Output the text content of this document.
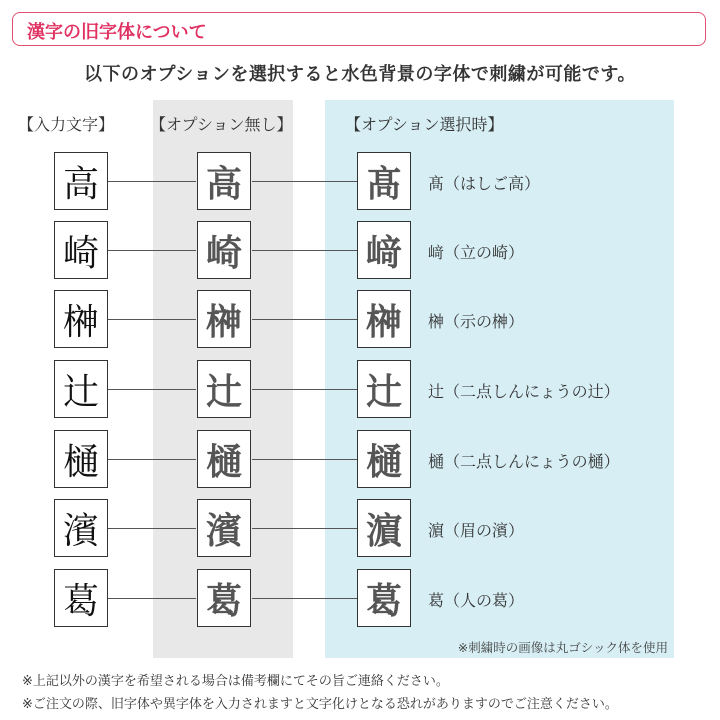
漢字の旧字体について
以下のオプションを選択すると水色背景の字体で刺繍が可能です。
【入力文字】 【オプション無し】	【オプション選択時】
高	高	髙	髙（はしご高）
崎	崎	﨑	﨑（立の崎）
榊	榊	榊	榊（示の榊）
辻	辻	辻	辻（二点しんにょうの辻）
樋	樋	樋	樋（二点しんにょうの樋）
濱	濱	濵	濵（眉の濱）
葛	葛	葛	葛（人の葛）
※刺繍時の画像は丸ゴシック体を使用
※上記以外の漢字を希望される場合は備考欄にてその旨ご連絡ください。
※ご注文の際、旧字体や異字体を入力されますと文字化けとなる恐れがありますのでご注意ください。
